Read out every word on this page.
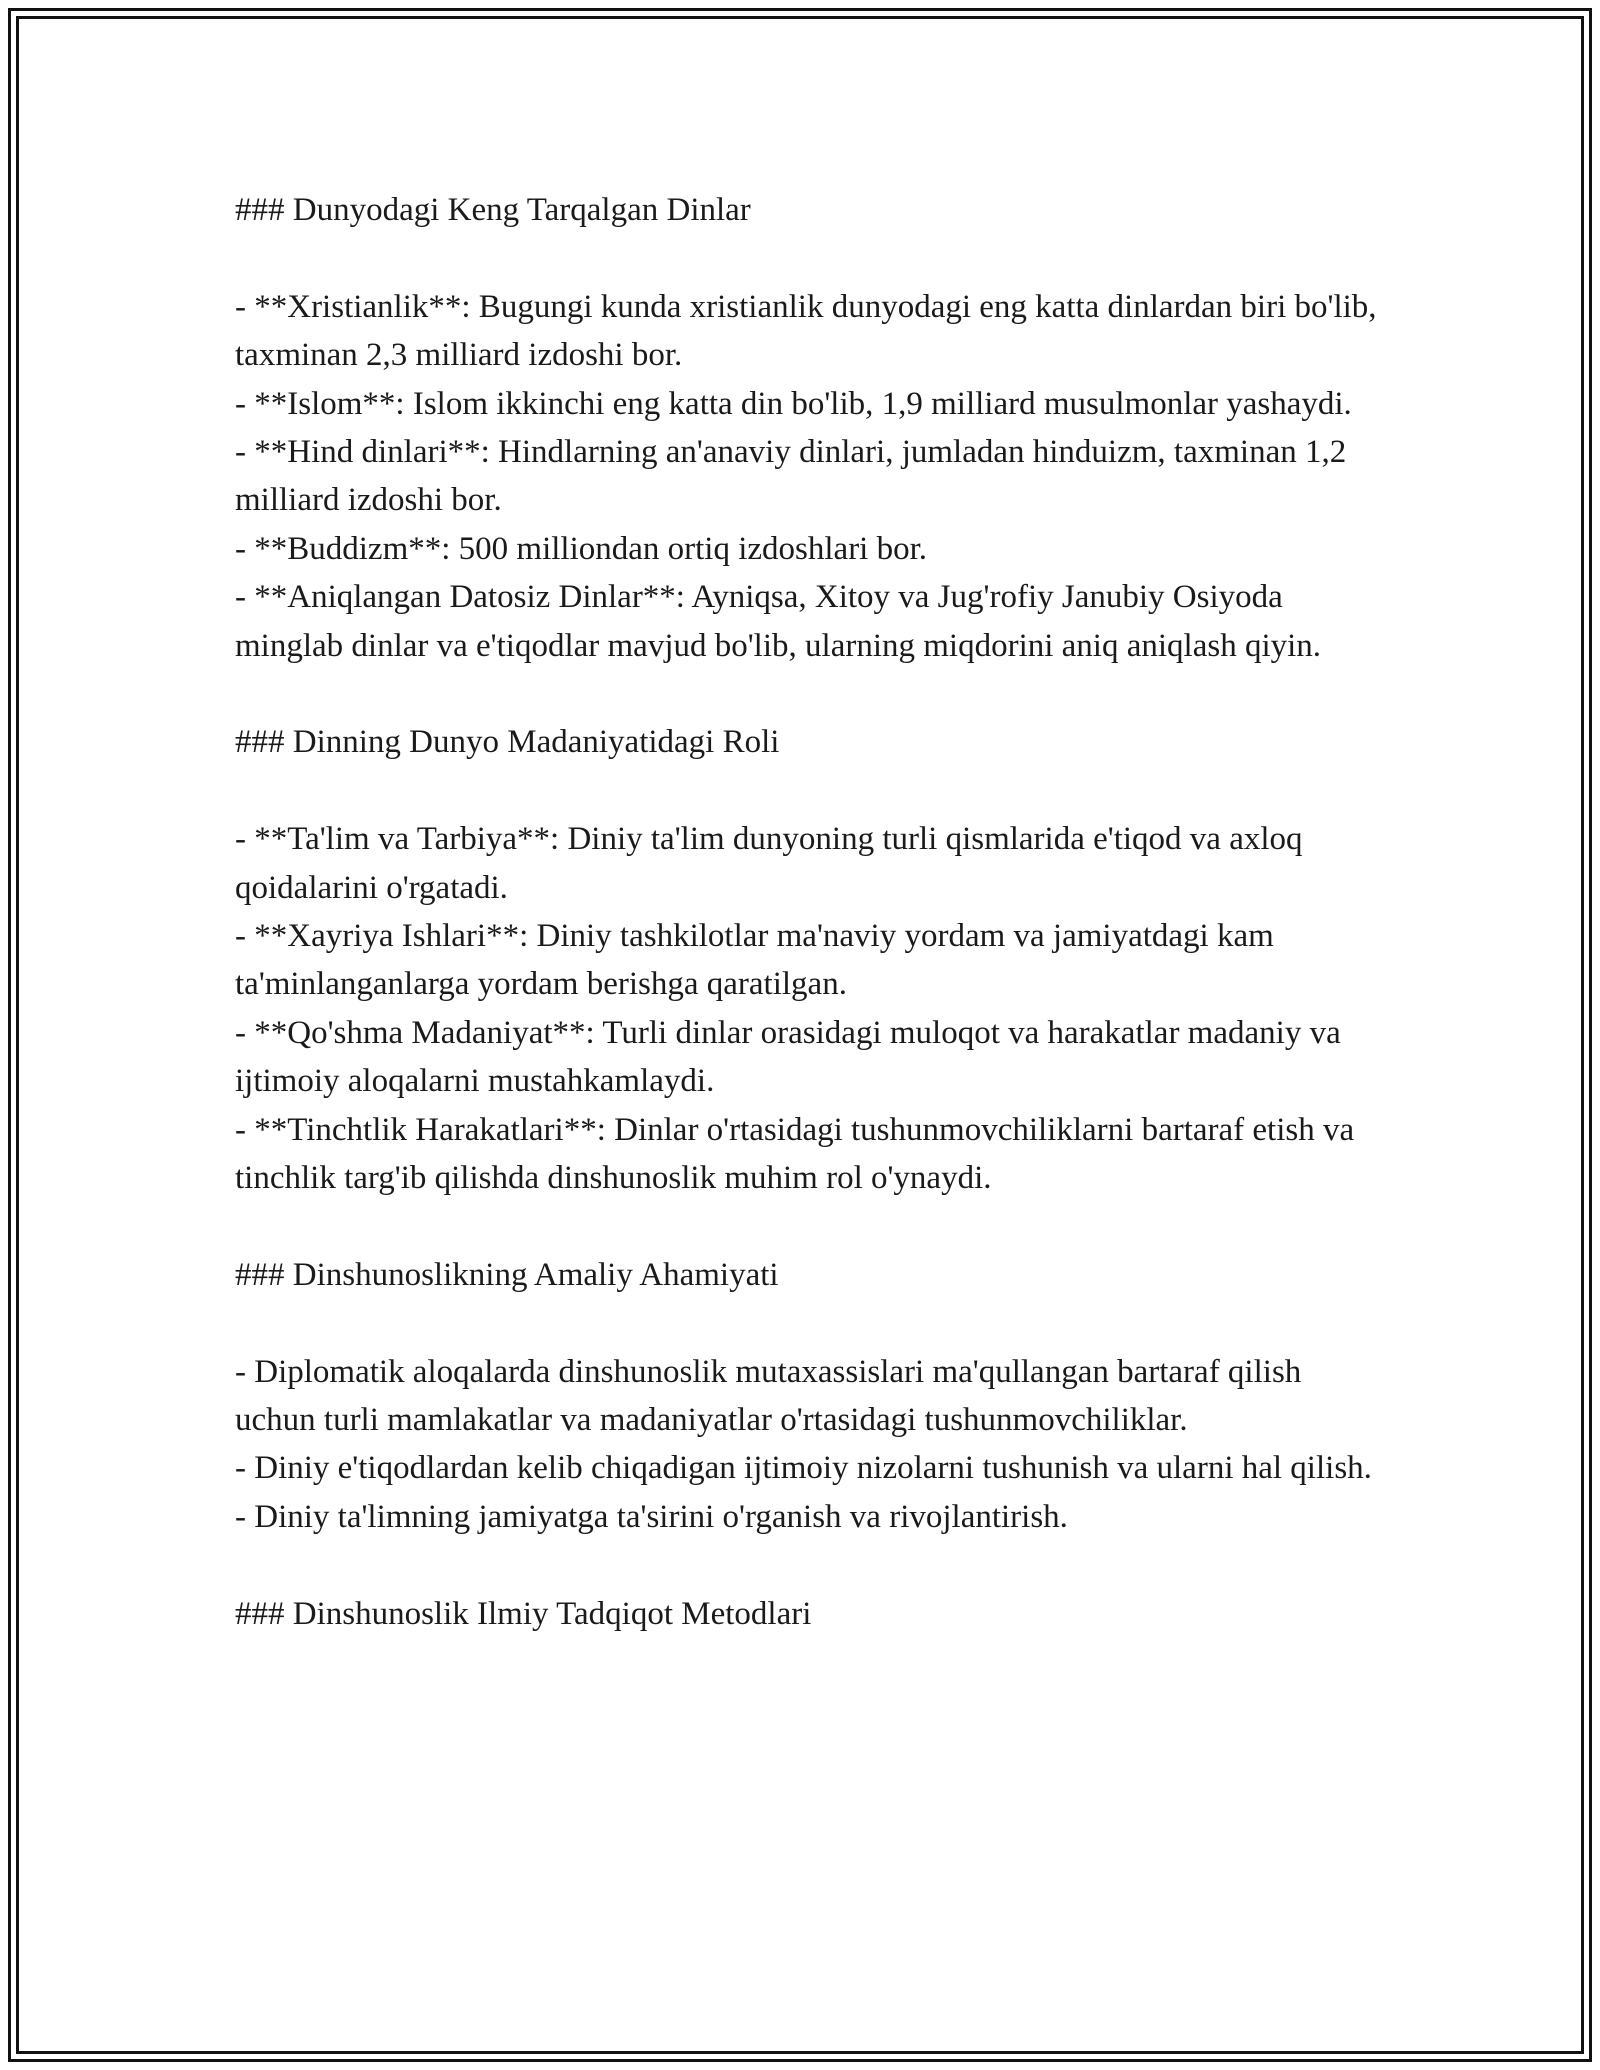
### Dunyodagi Keng Tarqalgan Dinlar

- **Xristianlik**: Bugungi kunda xristianlik dunyodagi eng katta dinlardan biri bo'lib, taxminan 2,3 milliard izdoshi bor.

- **Islom**: Islom ikkinchi eng katta din bo'lib, 1,9 milliard musulmonlar yashaydi.

- **Hind dinlari**: Hindlarning an'anaviy dinlari, jumladan hinduizm, taxminan 1,2 milliard izdoshi bor.

- **Buddizm**: 500 milliondan ortiq izdoshlari bor.

- **Aniqlangan Datosiz Dinlar**: Ayniqsa, Xitoy va Jug'rofiy Janubiy Osiyoda minglab dinlar va e'tiqodlar mavjud bo'lib, ularning miqdorini aniq aniqlash qiyin.

### Dinning Dunyo Madaniyatidagi Roli

- **Ta'lim va Tarbiya**: Diniy ta'lim dunyoning turli qismlarida e'tiqod va axloq qoidalarini o'rgatadi.

- **Xayriya Ishlari**: Diniy tashkilotlar ma'naviy yordam va jamiyatdagi kam ta'minlanganlarga yordam berishga qaratilgan.

- **Qo'shma Madaniyat**: Turli dinlar orasidagi muloqot va harakatlar madaniy va ijtimoiy aloqalarni mustahkamlaydi.

- **Tinchtlik Harakatlari**: Dinlar o'rtasidagi tushunmovchiliklarni bartaraf etish va tinchlik targ'ib qilishda dinshunoslik muhim rol o'ynaydi.

### Dinshunoslikning Amaliy Ahamiyati

- Diplomatik aloqalarda dinshunoslik mutaxassislari ma'qullangan bartaraf qilish uchun turli mamlakatlar va madaniyatlar o'rtasidagi tushunmovchiliklar.

- Diniy e'tiqodlardan kelib chiqadigan ijtimoiy nizolarni tushunish va ularni hal qilish.

- Diniy ta'limning jamiyatga ta'sirini o'rganish va rivojlantirish.

### Dinshunoslik Ilmiy Tadqiqot Metodlari
